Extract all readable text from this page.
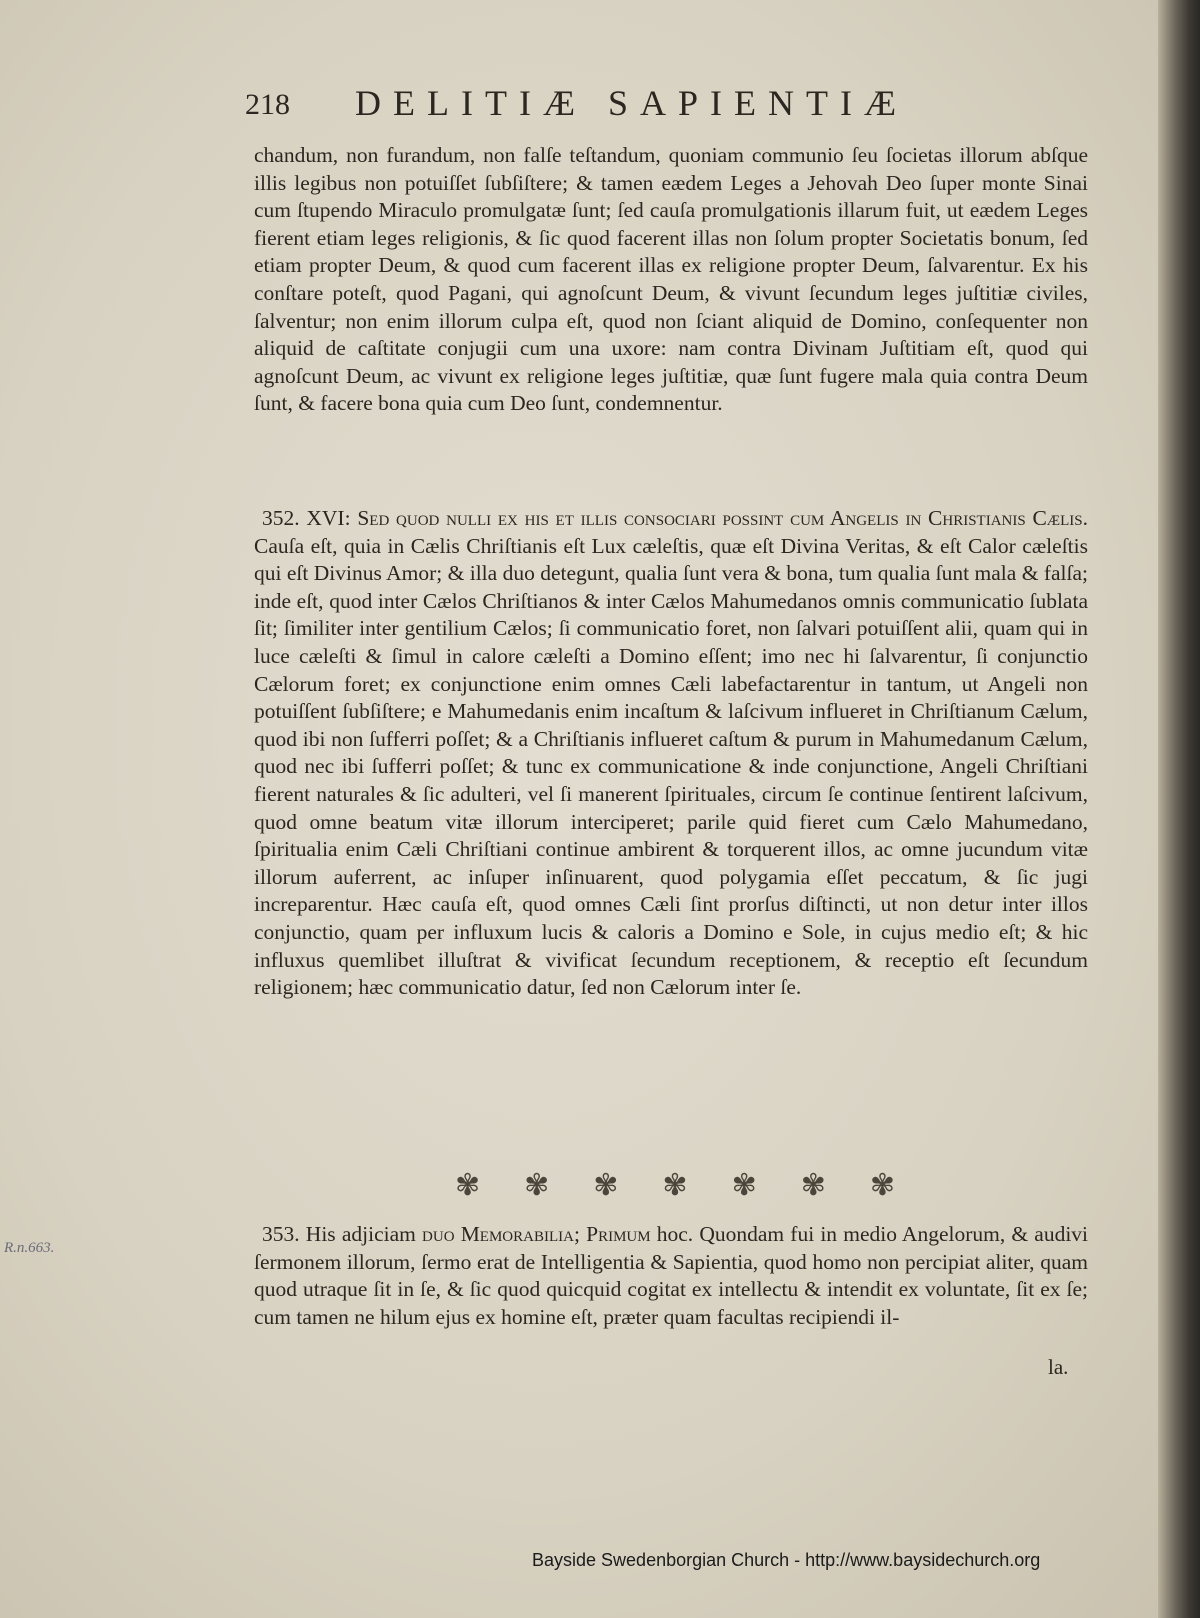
R.n.663.
218 DELITIÆ SAPIENTIÆ
chandum, non furandum, non falſe teſtandum, quoniam communio ſeu ſocietas illorum abſque illis legibus non potuiſſet ſubſiſtere; & tamen eædem Leges a Jehovah Deo ſuper monte Sinai cum ſtupendo Miraculo promulgatæ ſunt; ſed cauſa promulgationis illarum fuit, ut eædem Leges fierent etiam leges religionis, & ſic quod facerent illas non ſolum propter Societatis bonum, ſed etiam propter Deum, & quod cum facerent illas ex religione propter Deum, ſalvarentur. Ex his conſtare poteſt, quod Pagani, qui agnoſcunt Deum, & vivunt ſecundum leges juſtitiæ civiles, ſalventur; non enim illorum culpa eſt, quod non ſciant aliquid de Domino, conſequenter non aliquid de caſtitate conjugii cum una uxore: nam contra Divinam Juſtitiam eſt, quod qui agnoſcunt Deum, ac vivunt ex religione leges juſtitiæ, quæ ſunt fugere mala quia contra Deum ſunt, & facere bona quia cum Deo ſunt, condemnentur.
352. XVI: Sed quod nulli ex his et illis consociari possint cum Angelis in Christianis Cælis. Cauſa eſt, quia in Cælis Chriſtianis eſt Lux cæleſtis, quæ eſt Divina Veritas, & eſt Calor cæleſtis qui eſt Divinus Amor; & illa duo detegunt, qualia ſunt vera & bona, tum qualia ſunt mala & falſa; inde eſt, quod inter Cælos Chriſtianos & inter Cælos Mahumedanos omnis communicatio ſublata ſit; ſimiliter inter gentilium Cælos; ſi communicatio foret, non ſalvari potuiſſent alii, quam qui in luce cæleſti & ſimul in calore cæleſti a Domino eſſent; imo nec hi ſalvarentur, ſi conjunctio Cælorum foret; ex conjunctione enim omnes Cæli labefactarentur in tantum, ut Angeli non potuiſſent ſubſiſtere; e Mahumedanis enim incaſtum & laſcivum influeret in Chriſtianum Cælum, quod ibi non ſufferri poſſet; & a Chriſtianis influeret caſtum & purum in Mahumedanum Cælum, quod nec ibi ſufferri poſſet; & tunc ex communicatione & inde conjunctione, Angeli Chriſtiani fierent naturales & ſic adulteri, vel ſi manerent ſpirituales, circum ſe continue ſentirent laſcivum, quod omne beatum vitæ illorum interciperet; parile quid fieret cum Cælo Mahumedano, ſpiritualia enim Cæli Chriſtiani continue ambirent & torquerent illos, ac omne jucundum vitæ illorum auferrent, ac inſuper inſinuarent, quod polygamia eſſet peccatum, & ſic jugi increparentur. Hæc cauſa eſt, quod omnes Cæli ſint prorſus diſtincti, ut non detur inter illos conjunctio, quam per influxum lucis & caloris a Domino e Sole, in cujus medio eſt; & hic influxus quemlibet illuſtrat & vivificat ſecundum receptionem, & receptio eſt ſecundum religionem; hæc communicatio datur, ſed non Cælorum inter ſe.
✾ ✾ ✾ ✾ ✾ ✾ ✾
353. His adjiciam duo Memorabilia; Primum hoc. Quondam fui in medio Angelorum, & audivi ſermonem illorum, ſermo erat de Intelligentia & Sapientia, quod homo non percipiat aliter, quam quod utraque ſit in ſe, & ſic quod quicquid cogitat ex intellectu & intendit ex voluntate, ſit ex ſe; cum tamen ne hilum ejus ex homine eſt, præter quam facultas recipiendi il-
la.
Bayside Swedenborgian Church - http://www.baysidechurch.org
